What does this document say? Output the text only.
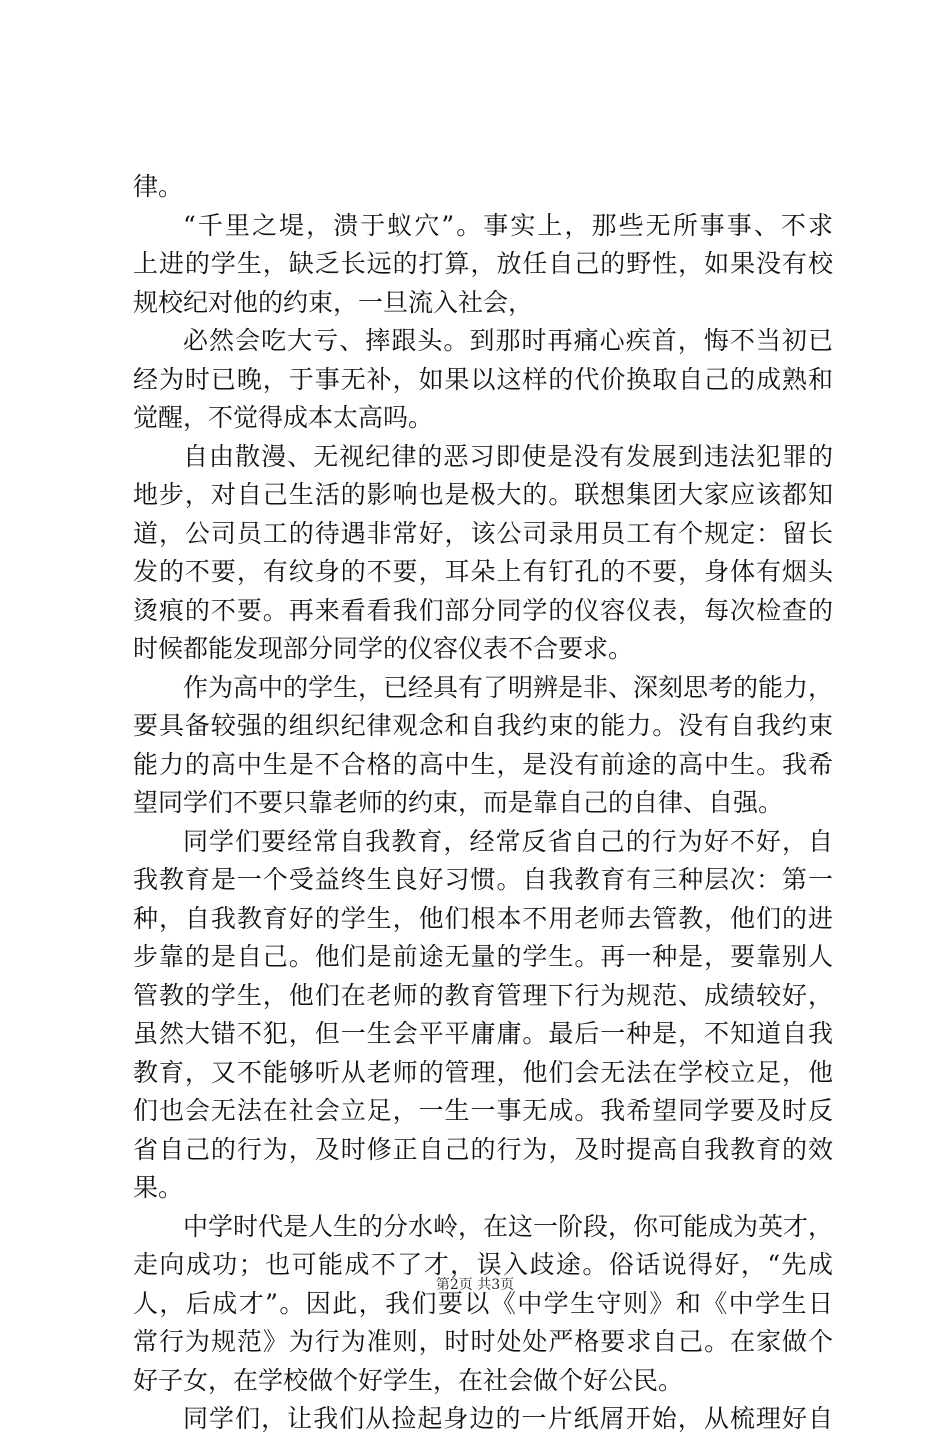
律。
“千里之堤，溃于蚁穴”。事实上，那些无所事事、不求
上进的学生，缺乏长远的打算，放任自己的野性，如果没有校
规校纪对他的约束，一旦流入社会，
必然会吃大亏、摔跟头。到那时再痛心疾首，悔不当初已
经为时已晚，于事无补，如果以这样的代价换取自己的成熟和
觉醒，不觉得成本太高吗。
自由散漫、无视纪律的恶习即使是没有发展到违法犯罪的
地步，对自己生活的影响也是极大的。联想集团大家应该都知
道，公司员工的待遇非常好，该公司录用员工有个规定：留长
发的不要，有纹身的不要，耳朵上有钉孔的不要，身体有烟头
烫痕的不要。再来看看我们部分同学的仪容仪表，每次检查的
时候都能发现部分同学的仪容仪表不合要求。
作为高中的学生，已经具有了明辨是非、深刻思考的能力，
要具备较强的组织纪律观念和自我约束的能力。没有自我约束
能力的高中生是不合格的高中生，是没有前途的高中生。我希
望同学们不要只靠老师的约束，而是靠自己的自律、自强。
同学们要经常自我教育，经常反省自己的行为好不好，自
我教育是一个受益终生良好习惯。自我教育有三种层次：第一
种，自我教育好的学生，他们根本不用老师去管教，他们的进
步靠的是自己。他们是前途无量的学生。再一种是，要靠别人
管教的学生，他们在老师的教育管理下行为规范、成绩较好，
虽然大错不犯，但一生会平平庸庸。最后一种是，不知道自我
教育，又不能够听从老师的管理，他们会无法在学校立足，他
们也会无法在社会立足，一生一事无成。我希望同学要及时反
省自己的行为，及时修正自己的行为，及时提高自我教育的效
果。
中学时代是人生的分水岭，在这一阶段，你可能成为英才，
走向成功；也可能成不了才，误入歧途。俗话说得好，“先成
人，后成才”。因此，我们要以《中学生守则》和《中学生日
常行为规范》为行为准则，时时处处严格要求自己。在家做个
好子女，在学校做个好学生，在社会做个好公民。
同学们，让我们从捡起身边的一片纸屑开始，从梳理好自
第2页 共3页
